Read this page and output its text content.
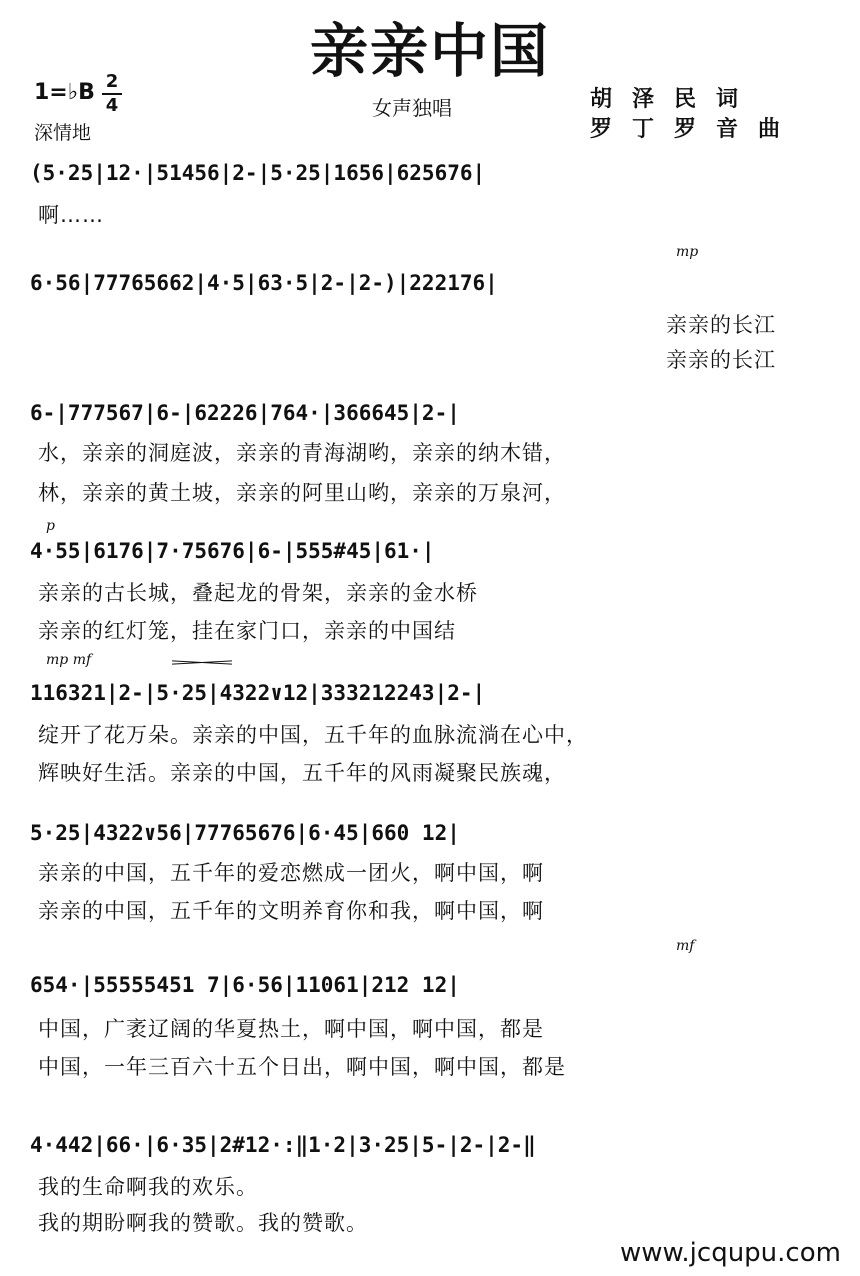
亲亲中国
1=♭B 2
4
深情地
女声独唱	胡泽民词
罗丁罗音曲
(5·25|12·|51456|2-|5·25|1656|625676|
啊……
mp
6·56|77765662|4·5|63·5|2-|2-)|222176|
亲亲的长江
亲亲的长江
6-|777567|6-|62226|764·|366645|2-|
水，亲亲的洞庭波，亲亲的青海湖哟，亲亲的纳木错，
林，亲亲的黄土坡，亲亲的阿里山哟，亲亲的万泉河，
p
4·55|6176|7·75676|6-|555#45|61·|
亲亲的古长城，叠起龙的骨架，亲亲的金水桥
亲亲的红灯笼，挂在家门口，亲亲的中国结
mp mf
116321|2-|5·25|4322∨12|333212243|2-|
绽开了花万朵。亲亲的中国，五千年的血脉流淌在心中，
辉映好生活。亲亲的中国，五千年的风雨凝聚民族魂，
5·25|4322∨56|77765676|6·45|660 12|
亲亲的中国，五千年的爱恋燃成一团火，啊中国，啊
亲亲的中国，五千年的文明养育你和我，啊中国，啊
mf
654·|55555451 7|6·56|11061|212 12|
中国，广袤辽阔的华夏热土，啊中国，啊中国，都是
中国，一年三百六十五个日出，啊中国，啊中国，都是
4·442|66·|6·35|2#12·:‖1·2|3·25|5-|2-|2-‖
我的生命啊我的欢乐。
我的期盼啊我的赞歌。我的赞歌。
www.jcqupu.com
